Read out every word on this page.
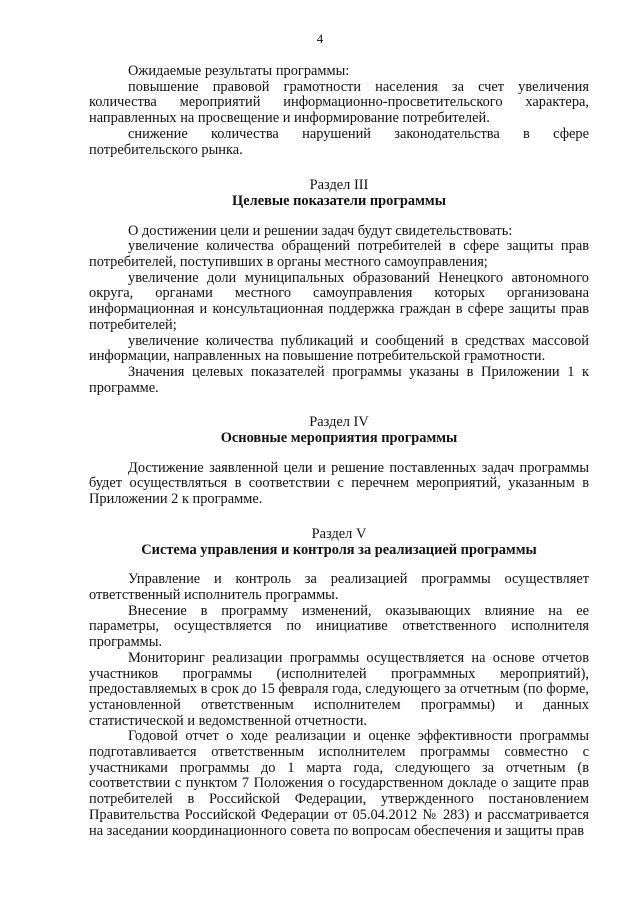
4

Ожидаемые результаты программы:

повышение правовой грамотности населения за счет увеличения количества мероприятий информационно-просветительского характера, направленных на просвещение и информирование потребителей.

снижение количества нарушений законодательства в сфере потребительского рынка.

Раздел III

Целевые показатели программы

О достижении цели и решении задач будут свидетельствовать:

увеличение количества обращений потребителей в сфере защиты прав потребителей, поступивших в органы местного самоуправления;

увеличение доли муниципальных образований Ненецкого автономного округа, органами местного самоуправления которых организована информационная и консультационная поддержка граждан в сфере защиты прав потребителей;

увеличение количества публикаций и сообщений в средствах массовой информации, направленных на повышение потребительской грамотности.

Значения целевых показателей программы указаны в Приложении 1 к программе.

Раздел IV

Основные мероприятия программы

Достижение заявленной цели и решение поставленных задач программы будет осуществляться в соответствии с перечнем мероприятий, указанным в Приложении 2 к программе.

Раздел V

Система управления и контроля за реализацией программы

Управление и контроль за реализацией программы осуществляет ответственный исполнитель программы.

Внесение в программу изменений, оказывающих влияние на ее параметры, осуществляется по инициативе ответственного исполнителя программы.

Мониторинг реализации программы осуществляется на основе отчетов участников программы (исполнителей программных мероприятий), предоставляемых в срок до 15 февраля года, следующего за отчетным (по форме, установленной ответственным исполнителем программы) и данных статистической и ведомственной отчетности.

Годовой отчет о ходе реализации и оценке эффективности программы подготавливается ответственным исполнителем программы совместно с участниками программы до 1 марта года, следующего за отчетным (в соответствии с пунктом 7 Положения о государственном докладе о защите прав потребителей в Российской Федерации, утвержденного постановлением Правительства Российской Федерации от 05.04.2012 № 283) и рассматривается на заседании координационного совета по вопросам обеспечения и защиты прав
